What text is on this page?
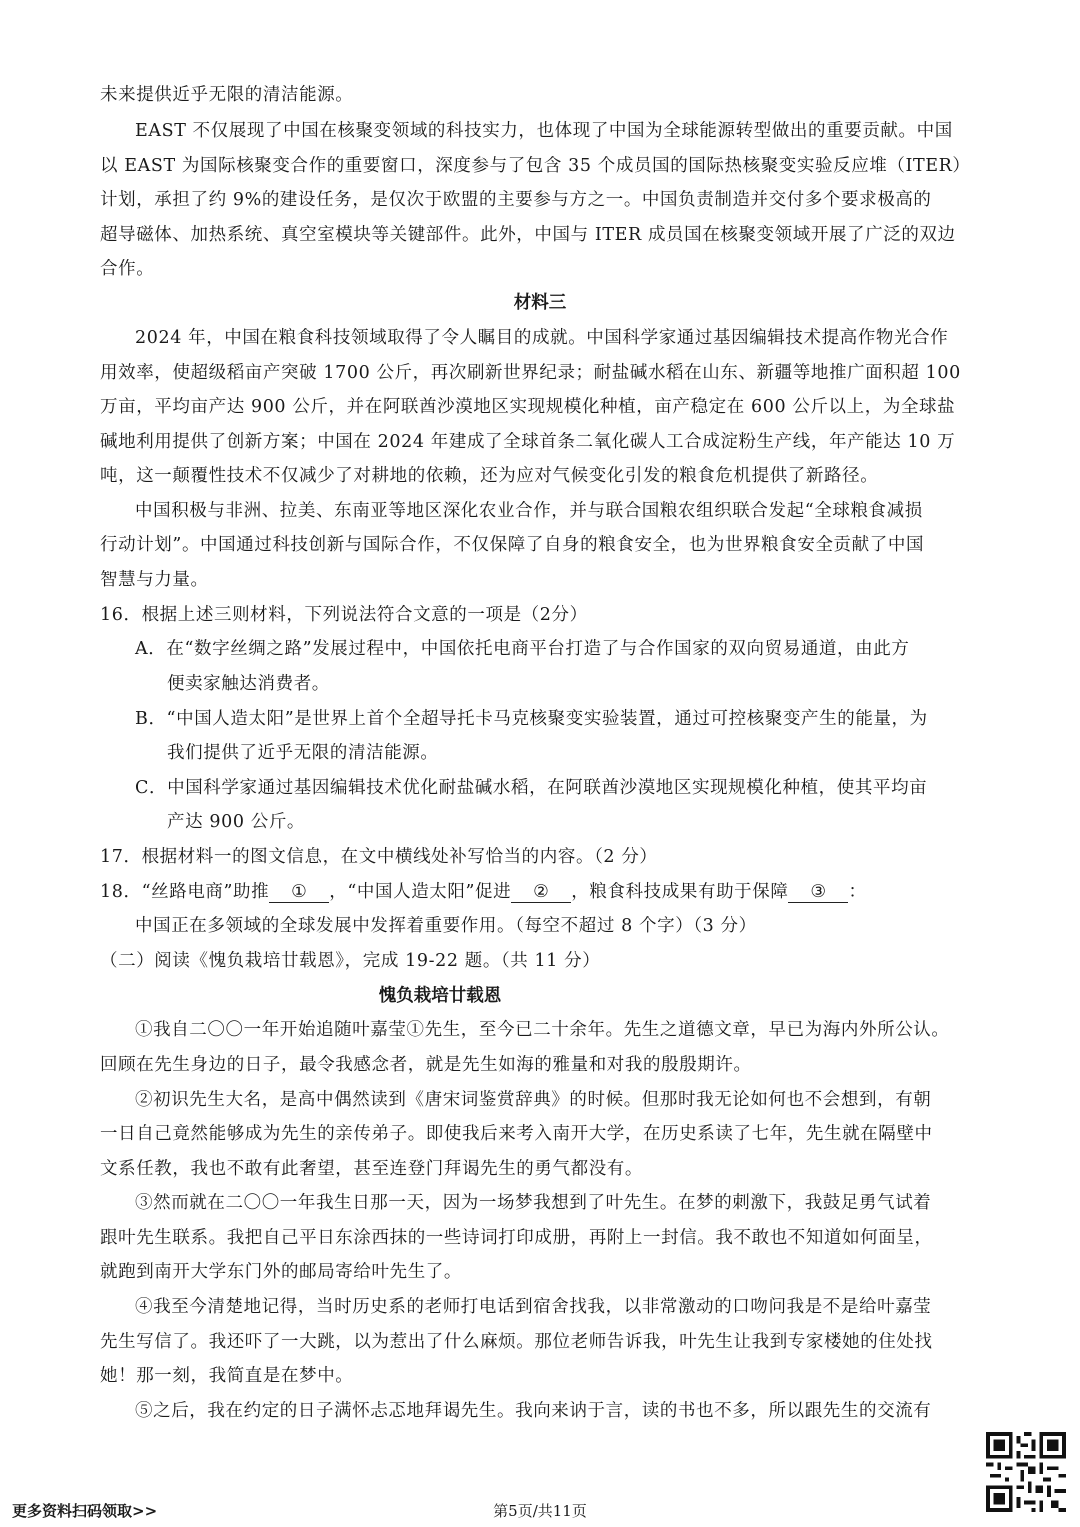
未来提供近乎无限的清洁能源。
EAST 不仅展现了中国在核聚变领域的科技实力，也体现了中国为全球能源转型做出的重要贡献。中国
以 EAST 为国际核聚变合作的重要窗口，深度参与了包含 35 个成员国的国际热核聚变实验反应堆（ITER）
计划，承担了约 9%的建设任务，是仅次于欧盟的主要参与方之一。中国负责制造并交付多个要求极高的
超导磁体、加热系统、真空室模块等关键部件。此外，中国与 ITER 成员国在核聚变领域开展了广泛的双边
合作。
材料三
2024 年，中国在粮食科技领域取得了令人瞩目的成就。中国科学家通过基因编辑技术提高作物光合作
用效率，使超级稻亩产突破 1700 公斤，再次刷新世界纪录；耐盐碱水稻在山东、新疆等地推广面积超 100
万亩，平均亩产达 900 公斤，并在阿联酋沙漠地区实现规模化种植，亩产稳定在 600 公斤以上，为全球盐
碱地利用提供了创新方案；中国在 2024 年建成了全球首条二氧化碳人工合成淀粉生产线，年产能达 10 万
吨，这一颠覆性技术不仅减少了对耕地的依赖，还为应对气候变化引发的粮食危机提供了新路径。
中国积极与非洲、拉美、东南亚等地区深化农业合作，并与联合国粮农组织联合发起“全球粮食减损
行动计划”。中国通过科技创新与国际合作，不仅保障了自身的粮食安全，也为世界粮食安全贡献了中国
智慧与力量。
16．根据上述三则材料，下列说法符合文意的一项是（2分）
A．在“数字丝绸之路”发展过程中，中国依托电商平台打造了与合作国家的双向贸易通道，由此方
便卖家触达消费者。
B．“中国人造太阳”是世界上首个全超导托卡马克核聚变实验装置，通过可控核聚变产生的能量，为
我们提供了近乎无限的清洁能源。
C．中国科学家通过基因编辑技术优化耐盐碱水稻，在阿联酋沙漠地区实现规模化种植，使其平均亩
产达 900 公斤。
17．根据材料一的图文信息，在文中横线处补写恰当的内容。（2 分）
18．“丝路电商”助推 ① ，“中国人造太阳”促进 ② ，粮食科技成果有助于保障 ③ ：
中国正在多领域的全球发展中发挥着重要作用。（每空不超过 8 个字）（3 分）
（二）阅读《愧负栽培廿载恩》，完成 19-22 题。（共 11 分）
愧负栽培廿载恩
①我自二〇〇一年开始追随叶嘉莹①先生，至今已二十余年。先生之道德文章，早已为海内外所公认。
回顾在先生身边的日子，最令我感念者，就是先生如海的雅量和对我的殷殷期许。
②初识先生大名，是高中偶然读到《唐宋词鉴赏辞典》的时候。但那时我无论如何也不会想到，有朝
一日自己竟然能够成为先生的亲传弟子。即使我后来考入南开大学，在历史系读了七年，先生就在隔壁中
文系任教，我也不敢有此奢望，甚至连登门拜谒先生的勇气都没有。
③然而就在二〇〇一年我生日那一天，因为一场梦我想到了叶先生。在梦的刺激下，我鼓足勇气试着
跟叶先生联系。我把自己平日东涂西抹的一些诗词打印成册，再附上一封信。我不敢也不知道如何面呈，
就跑到南开大学东门外的邮局寄给叶先生了。
④我至今清楚地记得，当时历史系的老师打电话到宿舍找我，以非常激动的口吻问我是不是给叶嘉莹
先生写信了。我还吓了一大跳，以为惹出了什么麻烦。那位老师告诉我，叶先生让我到专家楼她的住处找
她！那一刻，我简直是在梦中。
⑤之后，我在约定的日子满怀忐忑地拜谒先生。我向来讷于言，读的书也不多，所以跟先生的交流有
更多资料扫码领取>>	第5页/共11页
